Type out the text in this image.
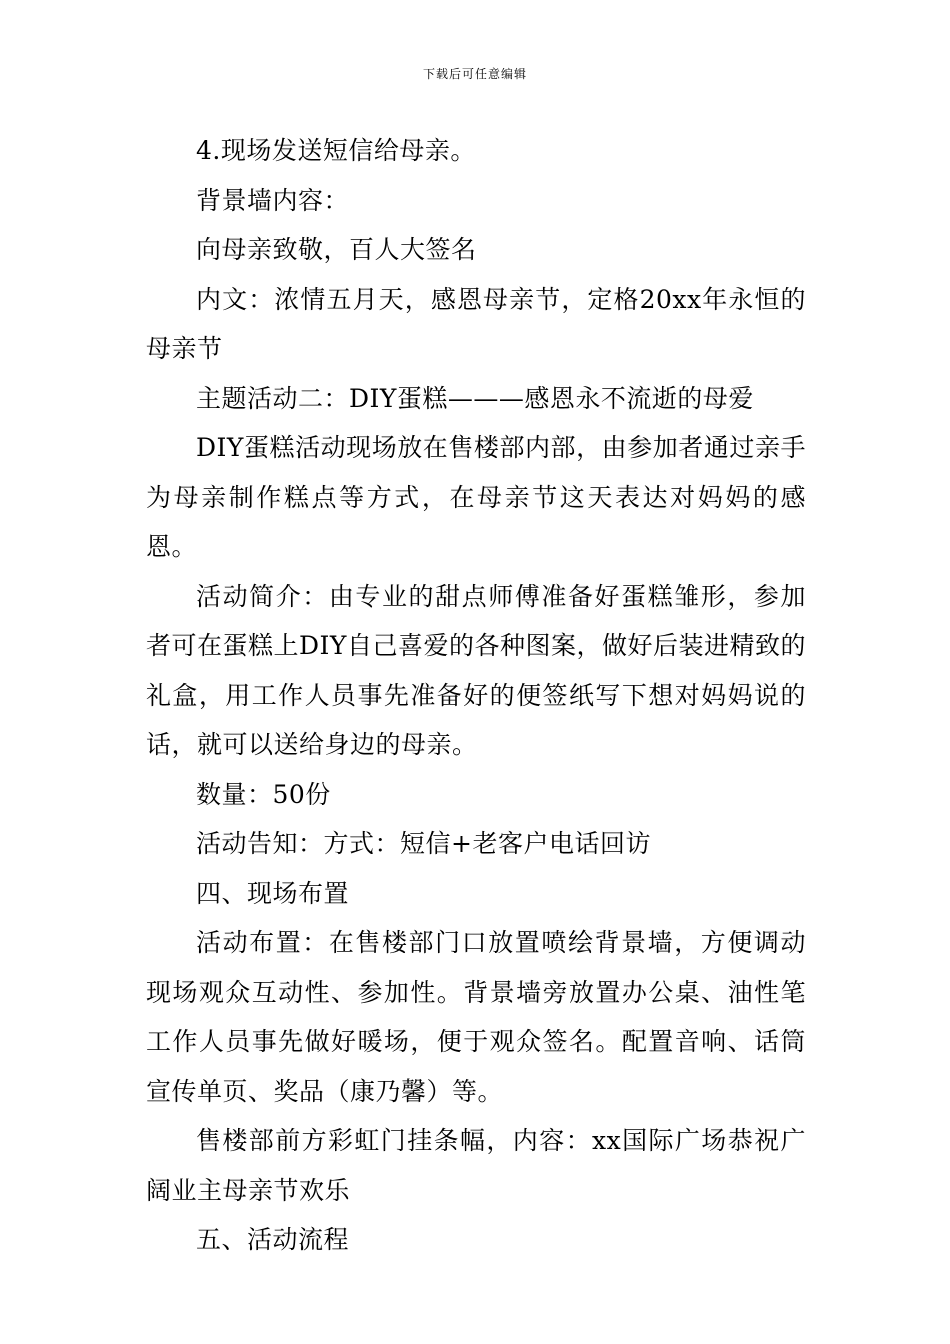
下载后可任意编辑

4.现场发送短信给母亲。

背景墙内容：

向母亲致敬，百人大签名

内文：浓情五月天，感恩母亲节，定格20xx年永恒的母亲节

主题活动二：DIY蛋糕———感恩永不流逝的母爱

DIY蛋糕活动现场放在售楼部内部，由参加者通过亲手为母亲制作糕点等方式，在母亲节这天表达对妈妈的感恩。

活动简介：由专业的甜点师傅准备好蛋糕雏形，参加者可在蛋糕上DIY自己喜爱的各种图案，做好后装进精致的礼盒，用工作人员事先准备好的便签纸写下想对妈妈说的话，就可以送给身边的母亲。

数量：50份

活动告知：方式：短信+老客户电话回访

四、现场布置

活动布置：在售楼部门口放置喷绘背景墙，方便调动现场观众互动性、参加性。背景墙旁放置办公桌、油性笔工作人员事先做好暖场，便于观众签名。配置音响、话筒宣传单页、奖品（康乃馨）等。

售楼部前方彩虹门挂条幅，内容：xx国际广场恭祝广阔业主母亲节欢乐

五、活动流程
